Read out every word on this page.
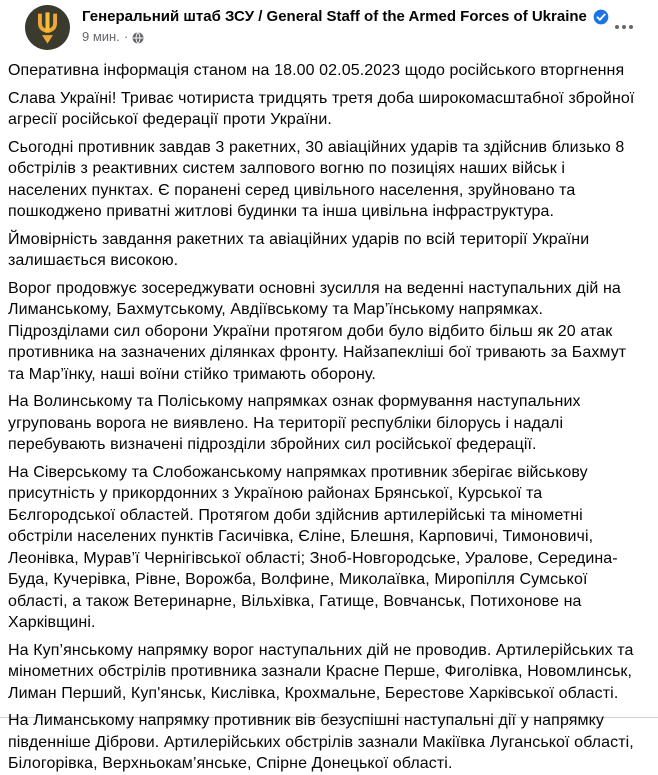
Генеральний штаб ЗСУ / General Staff of the Armed Forces of Ukraine
9 мин. ·

Оперативна інформація станом на 18.00 02.05.2023 щодо російського вторгнення

Слава Україні! Триває чотириста тридцять третя доба широкомасштабної збройної агресії російської федерації проти України.

Сьогодні противник завдав 3 ракетних, 30 авіаційних ударів та здійснив близько 8 обстрілів з реактивних систем залпового вогню по позиціях наших військ і населених пунктах. Є поранені серед цивільного населення, зруйновано та пошкоджено приватні житлові будинки та інша цивільна інфраструктура.

Ймовірність завдання ракетних та авіаційних ударів по всій території України залишається високою.

Ворог продовжує зосереджувати основні зусилля на веденні наступальних дій на Лиманському, Бахмутському, Авдіївському та Мар’їнському напрямках. Підрозділами сил оборони України протягом доби було відбито більш як 20 атак противника на зазначених ділянках фронту. Найзапекліші бої тривають за Бахмут та Мар’їнку, наші воїни стійко тримають оборону.

На Волинському та Поліському напрямках ознак формування наступальних угруповань ворога не виявлено. На території республіки білорусь і надалі перебувають визначені підрозділи збройних сил російської федерації.

На Сіверському та Слобожанському напрямках противник зберігає військову присутність у прикордонних з Україною районах Брянської, Курської та Бєлгородської областей. Протягом доби здійснив артилерійські та мінометні обстріли населених пунктів Гасичівка, Єліне, Блешня, Карповичі, Тимоновичі, Леонівка, Мурав’ї Чернігівської області; Зноб-Новгородське, Уралове, Середина-Буда, Кучерівка, Рівне, Ворожба, Волфине, Миколаївка, Миропілля Сумської області, а також Ветеринарне, Вільхівка, Гатище, Вовчанськ, Потихонове на Харківщині.

На Куп’янському напрямку ворог наступальних дій не проводив. Артилерійських та мінометних обстрілів противника зазнали Красне Перше, Фиголівка, Новомлинськ, Лиман Перший, Куп'янськ, Кислівка, Крохмальне, Берестове Харківської області.

На Лиманському напрямку противник вів безуспішні наступальні дії у напрямку південніше Діброви. Артилерійських обстрілів зазнали Макіївка Луганської області, Білогорівка, Верхньокам’янське, Спірне Донецької області.
